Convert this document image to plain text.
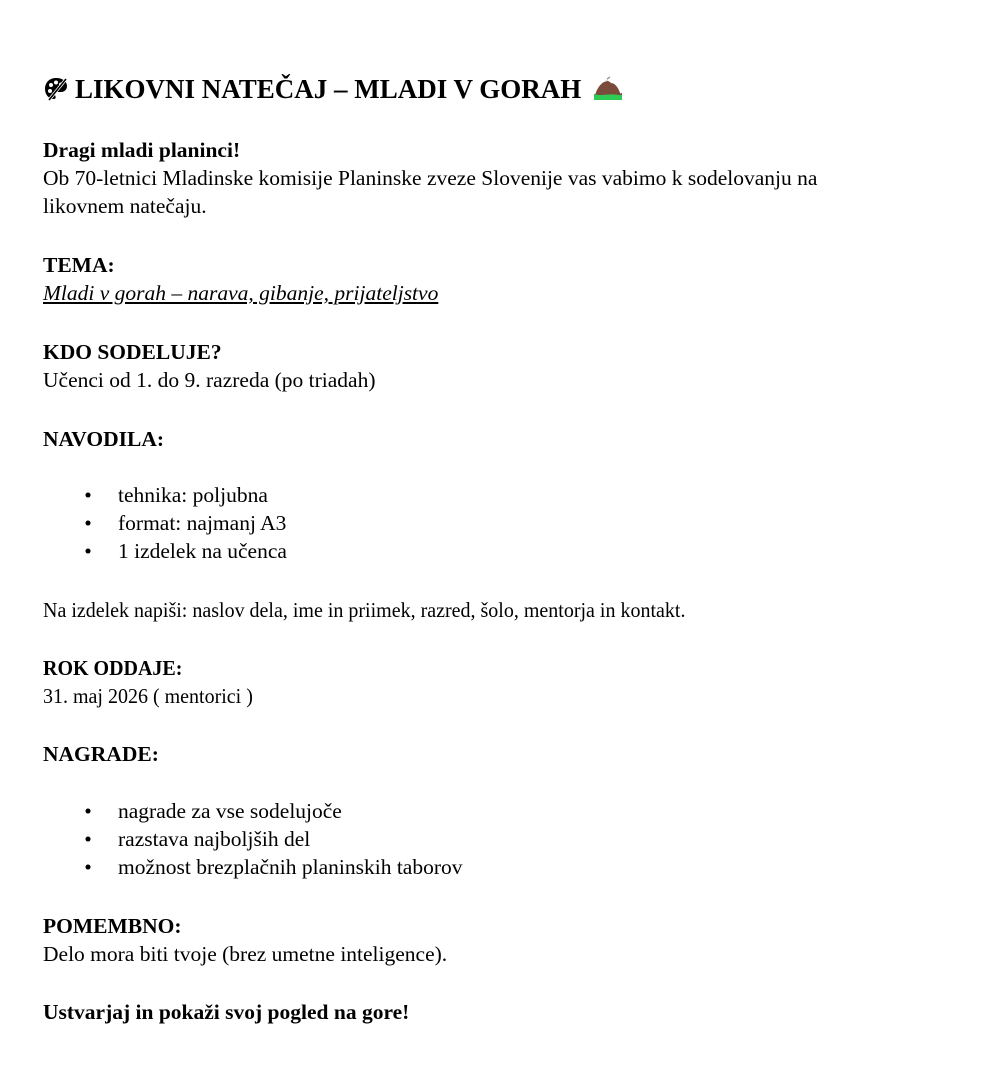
LIKOVNI NATEČAJ – MLADI V GORAH
Dragi mladi planinci!
Ob 70-letnici Mladinske komisije Planinske zveze Slovenije vas vabimo k sodelovanju na
likovnem natečaju.
TEMA:
Mladi v gorah – narava, gibanje, prijateljstvo
KDO SODELUJE?
Učenci od 1. do 9. razreda (po triadah)
NAVODILA:
• tehnika: poljubna
• format: najmanj A3
• 1 izdelek na učenca
Na izdelek napiši: naslov dela, ime in priimek, razred, šolo, mentorja in kontakt.
ROK ODDAJE:
31. maj 2026 ( mentorici )
NAGRADE:
• nagrade za vse sodelujoče
• razstava najboljših del
• možnost brezplačnih planinskih taborov
POMEMBNO:
Delo mora biti tvoje (brez umetne inteligence).
Ustvarjaj in pokaži svoj pogled na gore!
